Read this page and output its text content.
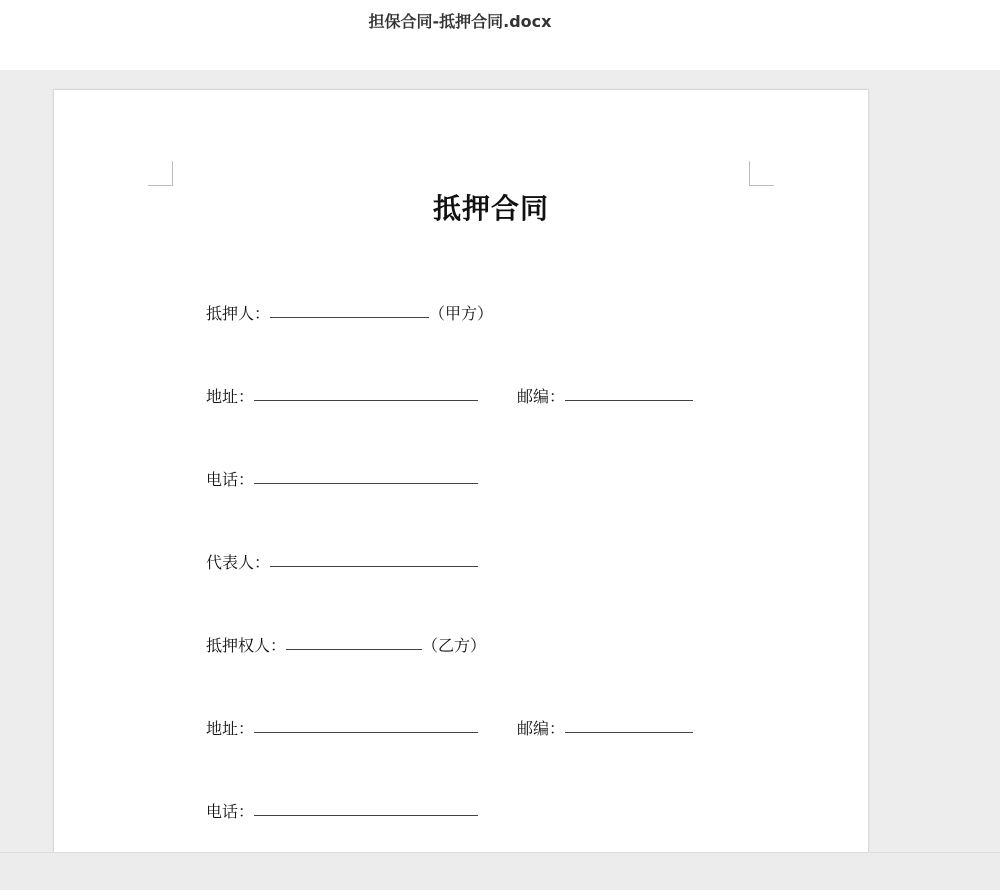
担保合同-抵押合同.docx
抵押合同
抵押人：	（甲方）
地址：	邮编：
电话：
代表人：
抵押权人：	（乙方）
地址：	邮编：
电话：
